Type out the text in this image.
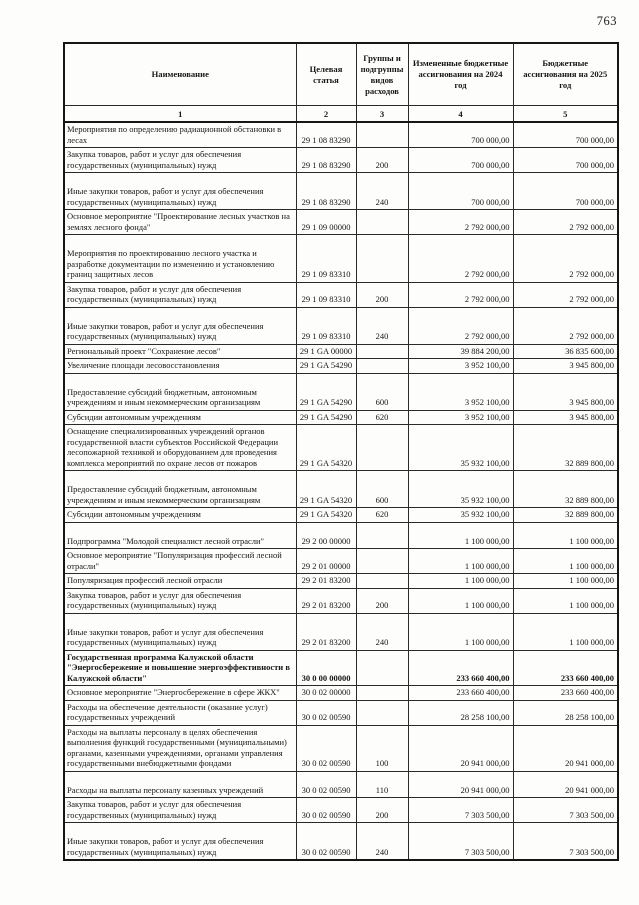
763
Наименование	Целевая статья	Группы и подгруппы видов расходов	Измененные бюджетные ассигнования на 2024 год	Бюджетные ассигнования на 2025 год
1	2	3	4	5
Мероприятия по определению радиационной обстановки в лесах	29 1 08 83290		700 000,00	700 000,00
Закупка товаров, работ и услуг для обеспечения государственных (муниципальных) нужд	29 1 08 83290	200	700 000,00	700 000,00
Иные закупки товаров, работ и услуг для обеспечения государственных (муниципальных) нужд	29 1 08 83290	240	700 000,00	700 000,00
Основное мероприятие "Проектирование лесных участков на землях лесного фонда"	29 1 09 00000		2 792 000,00	2 792 000,00
Мероприятия по проектированию лесного участка и разработке документации по изменению и установлению границ защитных лесов	29 1 09 83310		2 792 000,00	2 792 000,00
Закупка товаров, работ и услуг для обеспечения государственных (муниципальных) нужд	29 1 09 83310	200	2 792 000,00	2 792 000,00
Иные закупки товаров, работ и услуг для обеспечения государственных (муниципальных) нужд	29 1 09 83310	240	2 792 000,00	2 792 000,00
Региональный проект "Сохранение лесов"	29 1 GA 00000		39 884 200,00	36 835 600,00
Увеличение площади лесовосстановления	29 1 GA 54290		3 952 100,00	3 945 800,00
Предоставление субсидий бюджетным, автономным учреждениям и иным некоммерческим организациям	29 1 GA 54290	600	3 952 100,00	3 945 800,00
Субсидии автономным учреждениям	29 1 GA 54290	620	3 952 100,00	3 945 800,00
Оснащение специализированных учреждений органов государственной власти субъектов Российской Федерации лесопожарной техникой и оборудованием для проведения комплекса мероприятий по охране лесов от пожаров	29 1 GA 54320		35 932 100,00	32 889 800,00
Предоставление субсидий бюджетным, автономным учреждениям и иным некоммерческим организациям	29 1 GA 54320	600	35 932 100,00	32 889 800,00
Субсидии автономным учреждениям	29 1 GA 54320	620	35 932 100,00	32 889 800,00
Подпрограмма "Молодой специалист лесной отрасли"	29 2 00 00000		1 100 000,00	1 100 000,00
Основное мероприятие "Популяризация профессий лесной отрасли"	29 2 01 00000		1 100 000,00	1 100 000,00
Популяризация профессий лесной отрасли	29 2 01 83200		1 100 000,00	1 100 000,00
Закупка товаров, работ и услуг для обеспечения государственных (муниципальных) нужд	29 2 01 83200	200	1 100 000,00	1 100 000,00
Иные закупки товаров, работ и услуг для обеспечения государственных (муниципальных) нужд	29 2 01 83200	240	1 100 000,00	1 100 000,00
Государственная программа Калужской области "Энергосбережение и повышение энергоэффективности в Калужской области"	30 0 00 00000		233 660 400,00	233 660 400,00
Основное мероприятие "Энергосбережение в сфере ЖКХ"	30 0 02 00000		233 660 400,00	233 660 400,00
Расходы на обеспечение деятельности (оказание услуг) государственных учреждений	30 0 02 00590		28 258 100,00	28 258 100,00
Расходы на выплаты персоналу в целях обеспечения выполнения функций государственными (муниципальными) органами, казенными учреждениями, органами управления государственными внебюджетными фондами	30 0 02 00590	100	20 941 000,00	20 941 000,00
Расходы на выплаты персоналу казенных учреждений	30 0 02 00590	110	20 941 000,00	20 941 000,00
Закупка товаров, работ и услуг для обеспечения государственных (муниципальных) нужд	30 0 02 00590	200	7 303 500,00	7 303 500,00
Иные закупки товаров, работ и услуг для обеспечения государственных (муниципальных) нужд	30 0 02 00590	240	7 303 500,00	7 303 500,00
